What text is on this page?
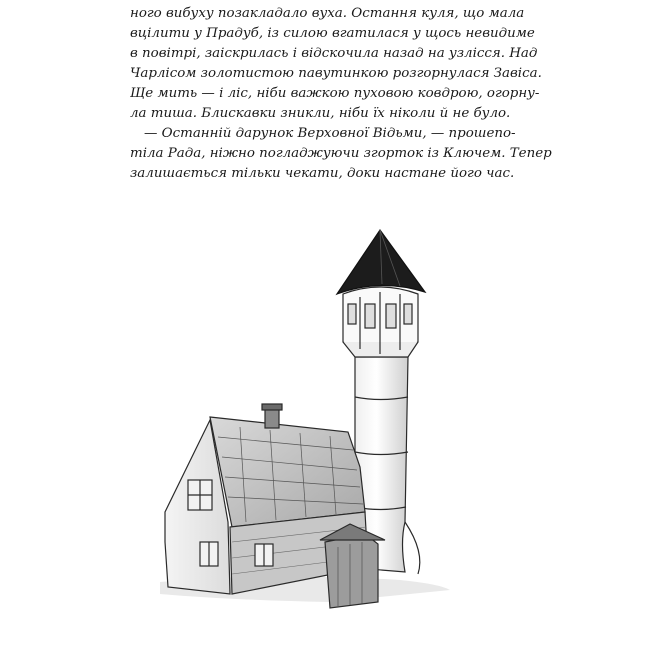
ного вибуху позакладало вуха. Остання куля, що мала
вцілити у Прадуб, із силою вгатилася у щось невидиме
в повітрі, заіскрилась і відскочила назад на узлісся. Над
Чарлісом золотистою павутинкою розгорнулася Завіса.
Ще мить — і ліс, ніби важкою пуховою ковдрою, огорну-
ла тиша. Блискавки зникли, ніби їх ніколи й не було.
— Останній дарунок Верховної Відьми, — прошепо-
тіла Рада, ніжно погладжуючи згорток із Ключем. Тепер
залишається тільки чекати, доки настане його час.
